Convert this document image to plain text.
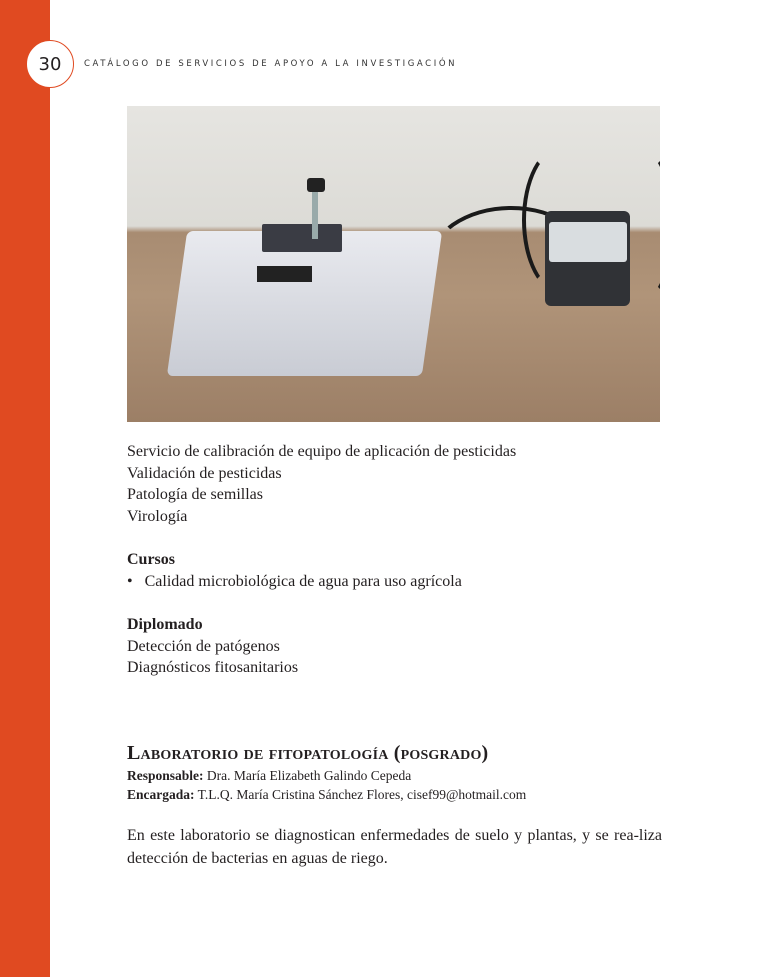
30	CATÁLOGO DE SERVICIOS DE APOYO A LA INVESTIGACIÓN
Servicio de calibración de equipo de aplicación de pesticidas
Validación de pesticidas
Patología de semillas
Virología
Cursos
•   Calidad microbiológica de agua para uso agrícola
Diplomado
Detección de patógenos
Diagnósticos fitosanitarios
Laboratorio de fitopatología (posgrado)
Responsable: Dra. María Elizabeth Galindo Cepeda
Encargada: T.L.Q. María Cristina Sánchez Flores, cisef99@hotmail.com
En este laboratorio se diagnostican enfermedades de suelo y plantas, y se rea-liza detección de bacterias en aguas de riego.
